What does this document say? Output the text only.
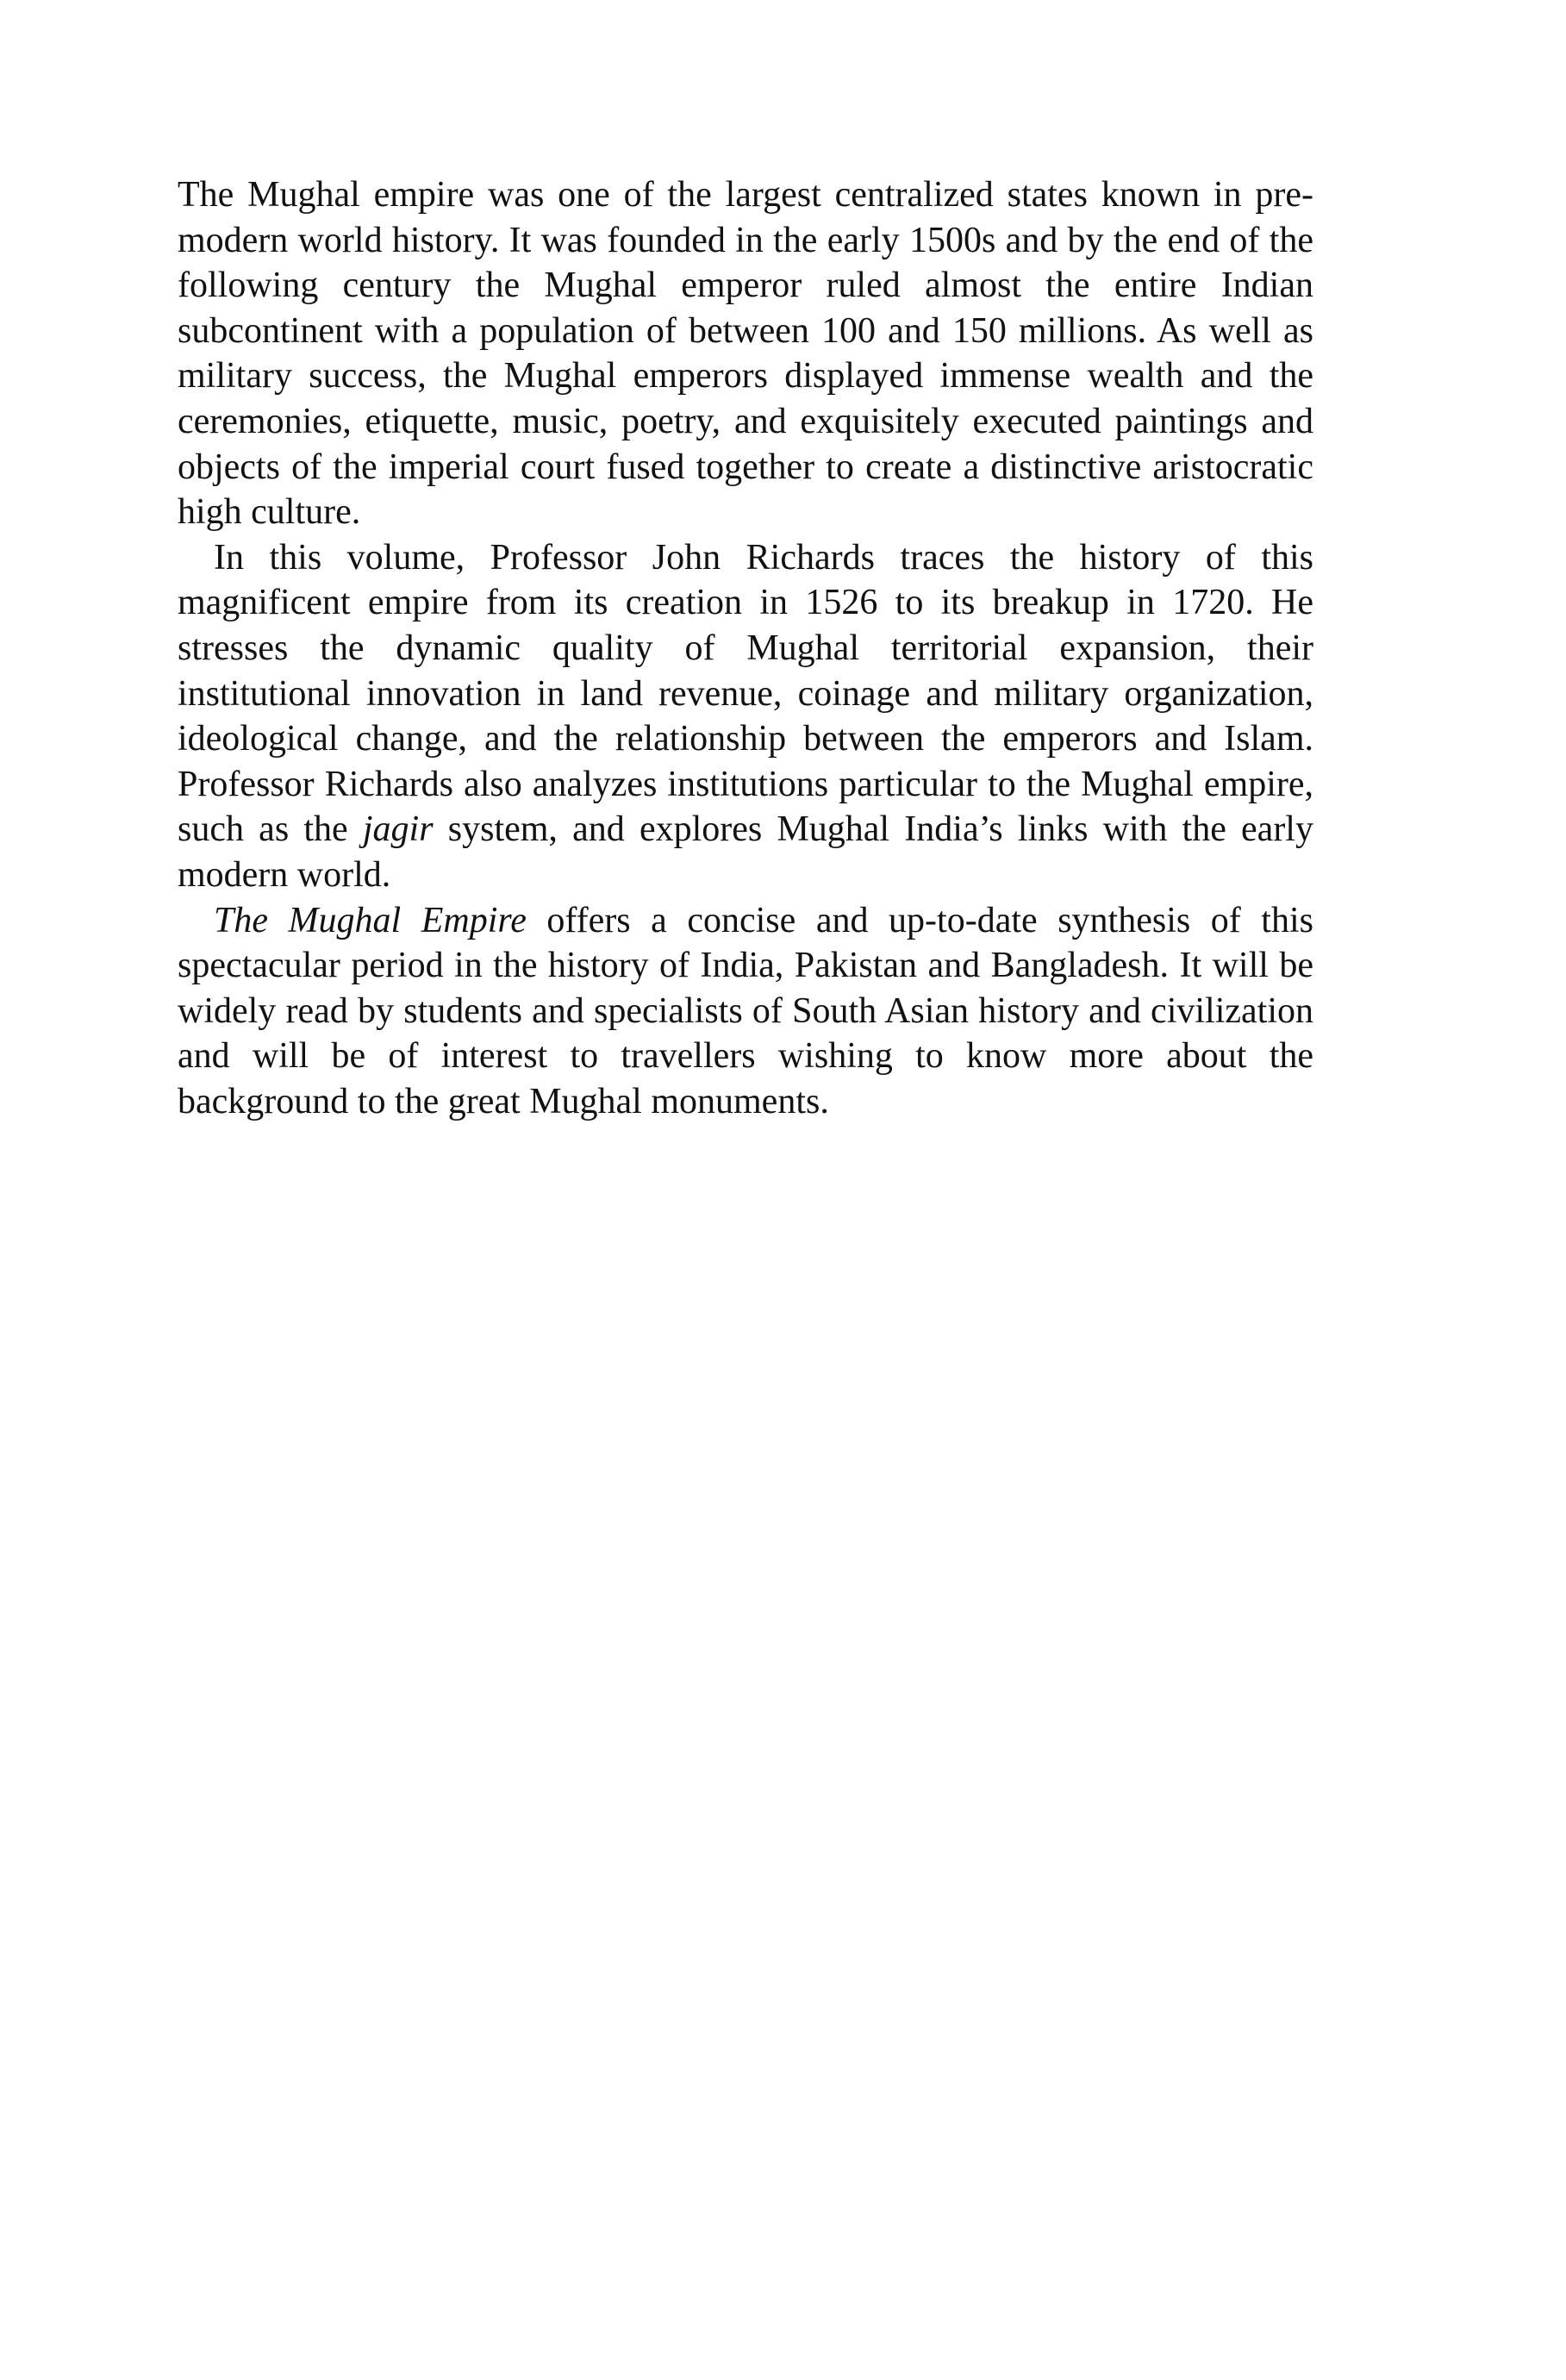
The Mughal empire was one of the largest centralized states known in pre-modern world history. It was founded in the early 1500s and by the end of the following century the Mughal emperor ruled almost the entire Indian subcontinent with a population of between 100 and 150 millions. As well as military success, the Mughal emperors displayed immense wealth and the ceremonies, etiquette, music, poetry, and exquisitely executed paintings and objects of the imperial court fused together to create a distinctive aristocratic high culture.

In this volume, Professor John Richards traces the history of this magnificent empire from its creation in 1526 to its breakup in 1720. He stresses the dynamic quality of Mughal territorial expansion, their institutional innovation in land revenue, coinage and military organization, ideological change, and the relationship between the emperors and Islam. Professor Richards also analyzes institutions particular to the Mughal empire, such as the jagir system, and explores Mughal India’s links with the early modern world.

The Mughal Empire offers a concise and up-to-date synthesis of this spectacular period in the history of India, Pakistan and Bangladesh. It will be widely read by students and specialists of South Asian history and civilization and will be of interest to travellers wishing to know more about the background to the great Mughal monuments.
